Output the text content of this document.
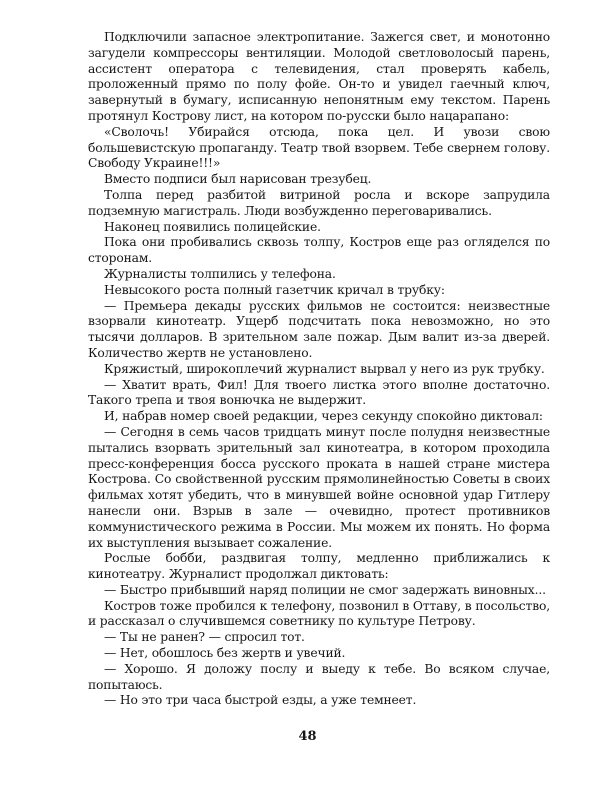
Подключили запасное электропитание. Зажегся свет, и монотонно загудели компрессоры вентиляции. Молодой светловолосый парень, ассистент оператора с телевидения, стал проверять кабель, проложенный прямо по полу фойе. Он-то и увидел гаечный ключ, завернутый в бумагу, исписанную непонятным ему текстом. Парень протянул Кострову лист, на котором по-русски было нацарапано:

«Сволочь! Убирайся отсюда, пока цел. И увози свою большевистскую пропаганду. Театр твой взорвем. Тебе свернем голову. Свободу Украине!!!»

Вместо подписи был нарисован трезубец.

Толпа перед разбитой витриной росла и вскоре запрудила подземную магистраль. Люди возбужденно переговаривались.

Наконец появились полицейские.

Пока они пробивались сквозь толпу, Костров еще раз огляделся по сторонам.

Журналисты толпились у телефона.

Невысокого роста полный газетчик кричал в трубку:

— Премьера декады русских фильмов не состоится: неизвестные взорвали кинотеатр. Ущерб подсчитать пока невозможно, но это тысячи долларов. В зрительном зале пожар. Дым валит из-за дверей. Количество жертв не установлено.

Кряжистый, широкоплечий журналист вырвал у него из рук трубку.

— Хватит врать, Фил! Для твоего листка этого вполне достаточно. Такого трепа и твоя вонючка не выдержит.

И, набрав номер своей редакции, через секунду спокойно диктовал:

— Сегодня в семь часов тридцать минут после полудня неизвестные пытались взорвать зрительный зал кинотеатра, в котором проходила пресс-конференция босса русского проката в нашей стране мистера Кострова. Со свойственной русским прямолинейностью Советы в своих фильмах хотят убедить, что в минувшей войне основной удар Гитлеру нанесли они. Взрыв в зале — очевидно, протест противников коммунистического режима в России. Мы можем их понять. Но форма их выступления вызывает сожаление.

Рослые бобби, раздвигая толпу, медленно приближались к кинотеатру. Журналист продолжал диктовать:

— Быстро прибывший наряд полиции не смог задержать виновных...

Костров тоже пробился к телефону, позвонил в Оттаву, в посольство, и рассказал о случившемся советнику по культуре Петрову.

— Ты не ранен? — спросил тот.

— Нет, обошлось без жертв и увечий.

— Хорошо. Я доложу послу и выеду к тебе. Во всяком случае, попытаюсь.

— Но это три часа быстрой езды, а уже темнеет.

48
